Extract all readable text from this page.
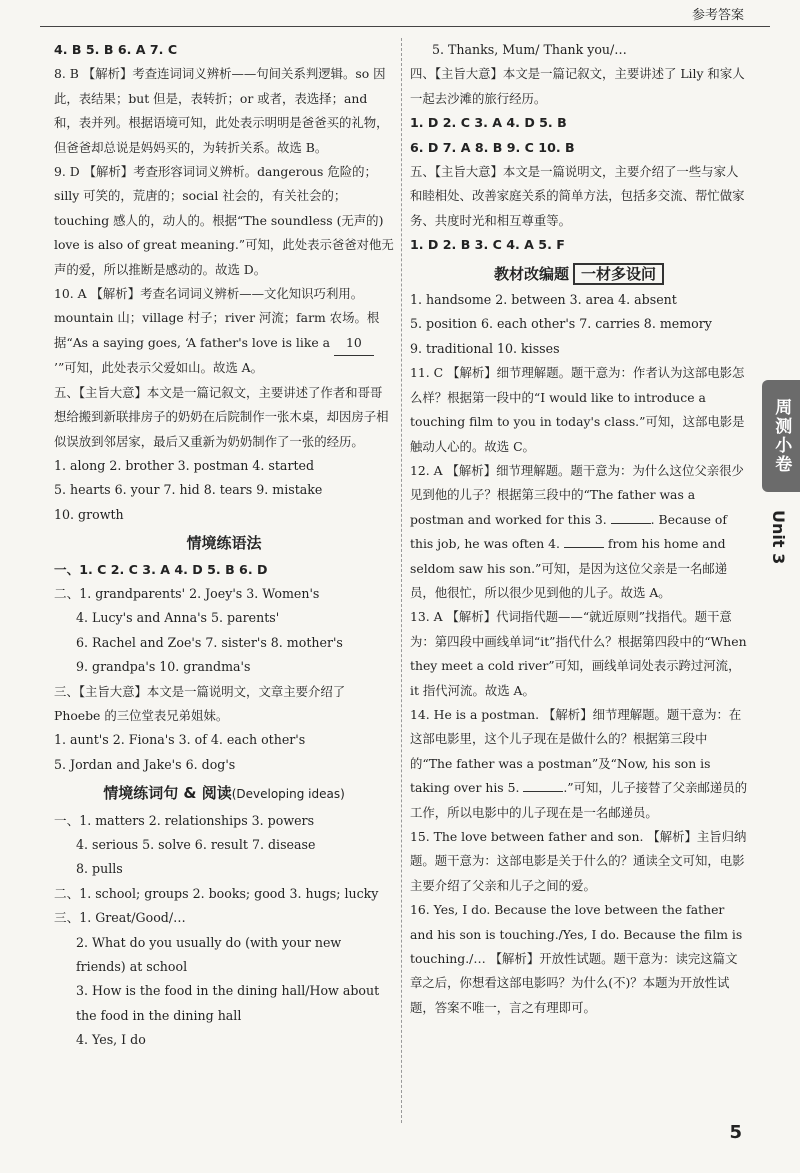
参考答案

4. B 5. B 6. A 7. C

8. B 【解析】考查连词词义辨析——句间关系判逻辑。so 因此，表结果；but 但是，表转折；or 或者，表选择；and 和，表并列。根据语境可知，此处表示明明是爸爸买的礼物，但爸爸却总说是妈妈买的，为转折关系。故选 B。

9. D 【解析】考查形容词词义辨析。dangerous 危险的；silly 可笑的，荒唐的；social 社会的，有关社会的；touching 感人的，动人的。根据“The soundless (无声的) love is also of great meaning.”可知，此处表示爸爸对他无声的爱，所以推断是感动的。故选 D。

10. A 【解析】考查名词词义辨析——文化知识巧利用。mountain 山；village 村子；river 河流；farm 农场。根据“As a saying goes, ‘A father's love is like a 10’”可知，此处表示父爱如山。故选 A。

五、【主旨大意】本文是一篇记叙文，主要讲述了作者和哥哥想给搬到新联排房子的奶奶在后院制作一张木桌，却因房子相似误放到邻居家，最后又重新为奶奶制作了一张的经历。

1. along 2. brother 3. postman 4. started

5. hearts 6. your 7. hid 8. tears 9. mistake

10. growth

情境练语法

一、1. C 2. C 3. A 4. D 5. B 6. D

二、1. grandparents' 2. Joey's 3. Women's

4. Lucy's and Anna's 5. parents'

6. Rachel and Zoe's 7. sister's 8. mother's

9. grandpa's 10. grandma's

三、【主旨大意】本文是一篇说明文，文章主要介绍了 Phoebe 的三位堂表兄弟姐妹。

1. aunt's 2. Fiona's 3. of 4. each other's

5. Jordan and Jake's 6. dog's

情境练词句 & 阅读(Developing ideas)

一、1. matters 2. relationships 3. powers

4. serious 5. solve 6. result 7. disease

8. pulls

二、1. school; groups 2. books; good 3. hugs; lucky

三、1. Great/Good/…

2. What do you usually do (with your new friends) at school

3. How is the food in the dining hall/How about the food in the dining hall

4. Yes, I do

5. Thanks, Mum/ Thank you/…

四、【主旨大意】本文是一篇记叙文，主要讲述了 Lily 和家人一起去沙滩的旅行经历。

1. D 2. C 3. A 4. D 5. B

6. D 7. A 8. B 9. C 10. B

五、【主旨大意】本文是一篇说明文，主要介绍了一些与家人和睦相处、改善家庭关系的简单方法，包括多交流、帮忙做家务、共度时光和相互尊重等。

1. D 2. B 3. C 4. A 5. F

教材改编题 一材多设问

1. handsome 2. between 3. area 4. absent

5. position 6. each other's 7. carries 8. memory

9. traditional 10. kisses

11. C 【解析】细节理解题。题干意为：作者认为这部电影怎么样？根据第一段中的“I would like to introduce a touching film to you in today's class.”可知，这部电影是触动人心的。故选 C。

12. A 【解析】细节理解题。题干意为：为什么这位父亲很少见到他的儿子？根据第三段中的“The father was a postman and worked for this 3.	. Because of this job, he was often 4.	from his home and seldom saw his son.”可知，是因为这位父亲是一名邮递员，他很忙，所以很少见到他的儿子。故选 A。

13. A 【解析】代词指代题——“就近原则”找指代。题干意为：第四段中画线单词“it”指代什么？根据第四段中的“When they meet a cold river”可知，画线单词处表示跨过河流，it 指代河流。故选 A。

14. He is a postman. 【解析】细节理解题。题干意为：在这部电影里，这个儿子现在是做什么的？根据第三段中的“The father was a postman”及“Now, his son is taking over his 5.	.”可知，儿子接替了父亲邮递员的工作，所以电影中的儿子现在是一名邮递员。

15. The love between father and son. 【解析】主旨归纳题。题干意为：这部电影是关于什么的？通读全文可知，电影主要介绍了父亲和儿子之间的爱。

16. Yes, I do. Because the love between the father and his son is touching./Yes, I do. Because the film is touching./… 【解析】开放性试题。题干意为：读完这篇文章之后，你想看这部电影吗？为什么(不)？本题为开放性试题，答案不唯一，言之有理即可。

周测小卷
Unit 3
5
